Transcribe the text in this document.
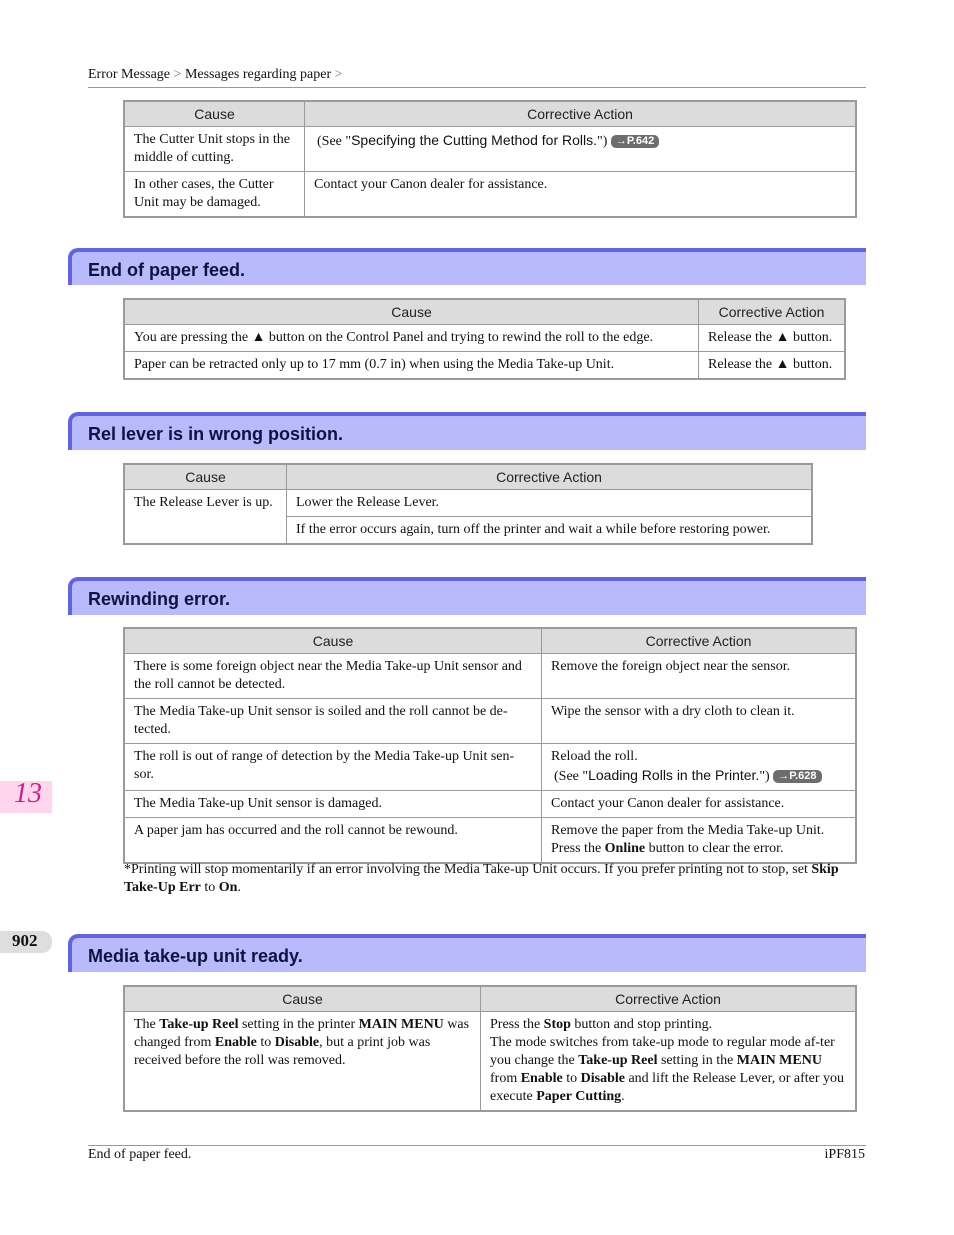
Error Message > Messages regarding paper >
Cause	Corrective Action
The Cutter Unit stops in the middle of cutting.	(See "Specifying the Cutting Method for Rolls.") →P.642
In other cases, the Cutter Unit may be damaged.	Contact your Canon dealer for assistance.
End of paper feed.
Cause	Corrective Action
You are pressing the ▲ button on the Control Panel and trying to rewind the roll to the edge.	Release the ▲ button.
Paper can be retracted only up to 17 mm (0.7 in) when using the Media Take-up Unit.	Release the ▲ button.
Rel lever is in wrong position.
Cause	Corrective Action
The Release Lever is up.	Lower the Release Lever.
	If the error occurs again, turn off the printer and wait a while before restoring power.
Rewinding error.
Cause	Corrective Action
There is some foreign object near the Media Take-up Unit sensor and the roll cannot be detected.	Remove the foreign object near the sensor.
The Media Take-up Unit sensor is soiled and the roll cannot be de-tected.	Wipe the sensor with a dry cloth to clean it.
The roll is out of range of detection by the Media Take-up Unit sen-sor.	Reload the roll.
(See "Loading Rolls in the Printer.") →P.628

The Media Take-up Unit sensor is damaged.	Contact your Canon dealer for assistance.
A paper jam has occurred and the roll cannot be rewound.	Remove the paper from the Media Take-up Unit.
Press the Online button to clear the error.
*Printing will stop momentarily if an error involving the Media Take-up Unit occurs. If you prefer printing not to stop, set Skip Take-Up Err to On.
Media take-up unit ready.
Cause	Corrective Action
The Take-up Reel setting in the printer MAIN MENU was changed from Enable to Disable, but a print job was received before the roll was removed.	Press the Stop button and stop printing.
The mode switches from take-up mode to regular mode af-ter you change the Take-up Reel setting in the MAIN MENU from Enable to Disable and lift the Release Lever, or after you execute Paper Cutting.
13
902
End of paper feed.	iPF815
